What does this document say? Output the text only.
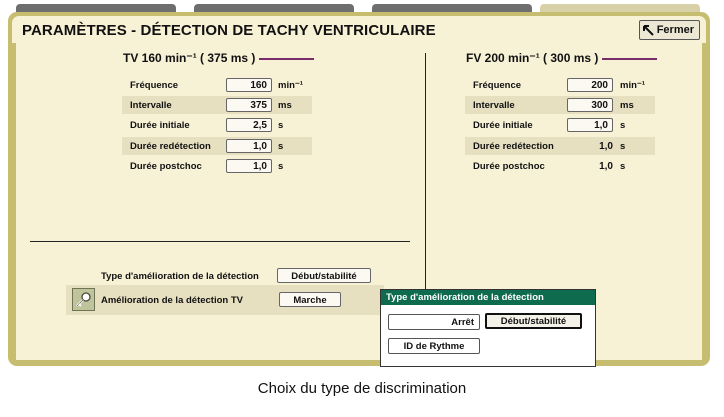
PARAMÈTRES - DÉTECTION DE TACHY VENTRICULAIRE	Fermer
TV 160 min⁻¹ ( 375 ms )
Fréquence	160	min⁻¹
Intervalle	375	ms
Durée initiale	2,5	s
Durée redétection	1,0	s
Durée postchoc	1,0	s
FV 200 min⁻¹ ( 300 ms )
Fréquence	200	min⁻¹
Intervalle	300	ms
Durée initiale	1,0	s
Durée redétection	1,0 s
Durée postchoc	1,0 s
Type d'amélioration de la détection	Début/stabilité
Amélioration de la détection TV	Marche	Type d'amélioration de la détection
Arrêt	Début/stabilité
ID de Rythme
Choix du type de discrimination
